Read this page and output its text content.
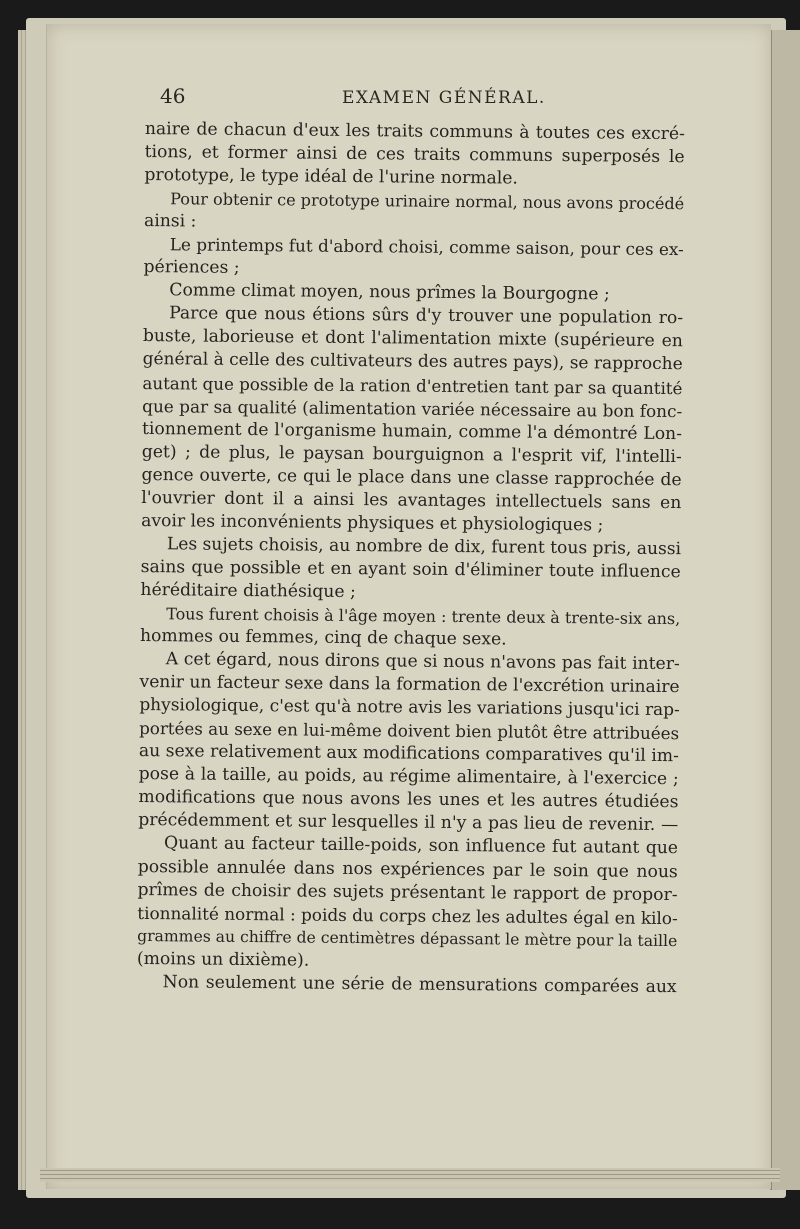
46	EXAMEN GÉNÉRAL.
naire de chacun d'eux les traits communs à toutes ces excré-
tions, et former ainsi de ces traits communs superposés le
prototype, le type idéal de l'urine normale.
Pour obtenir ce prototype urinaire normal, nous avons procédé
ainsi :
Le printemps fut d'abord choisi, comme saison, pour ces ex-
périences ;
Comme climat moyen, nous prîmes la Bourgogne ;
Parce que nous étions sûrs d'y trouver une population ro-
buste, laborieuse et dont l'alimentation mixte (supérieure en
général à celle des cultivateurs des autres pays), se rapproche
autant que possible de la ration d'entretien tant par sa quantité
que par sa qualité (alimentation variée nécessaire au bon fonc-
tionnement de l'organisme humain, comme l'a démontré Lon-
get) ; de plus, le paysan bourguignon a l'esprit vif, l'intelli-
gence ouverte, ce qui le place dans une classe rapprochée de
l'ouvrier dont il a ainsi les avantages intellectuels sans en
avoir les inconvénients physiques et physiologiques ;
Les sujets choisis, au nombre de dix, furent tous pris, aussi
sains que possible et en ayant soin d'éliminer toute influence
héréditaire diathésique ;
Tous furent choisis à l'âge moyen : trente deux à trente-six ans,
hommes ou femmes, cinq de chaque sexe.
A cet égard, nous dirons que si nous n'avons pas fait inter-
venir un facteur sexe dans la formation de l'excrétion urinaire
physiologique, c'est qu'à notre avis les variations jusqu'ici rap-
portées au sexe en lui-même doivent bien plutôt être attribuées
au sexe relativement aux modifications comparatives qu'il im-
pose à la taille, au poids, au régime alimentaire, à l'exercice ;
modifications que nous avons les unes et les autres étudiées
précédemment et sur lesquelles il n'y a pas lieu de revenir. —
Quant au facteur taille-poids, son influence fut autant que
possible annulée dans nos expériences par le soin que nous
prîmes de choisir des sujets présentant le rapport de propor-
tionnalité normal : poids du corps chez les adultes égal en kilo-
grammes au chiffre de centimètres dépassant le mètre pour la taille
(moins un dixième).
Non seulement une série de mensurations comparées aux
